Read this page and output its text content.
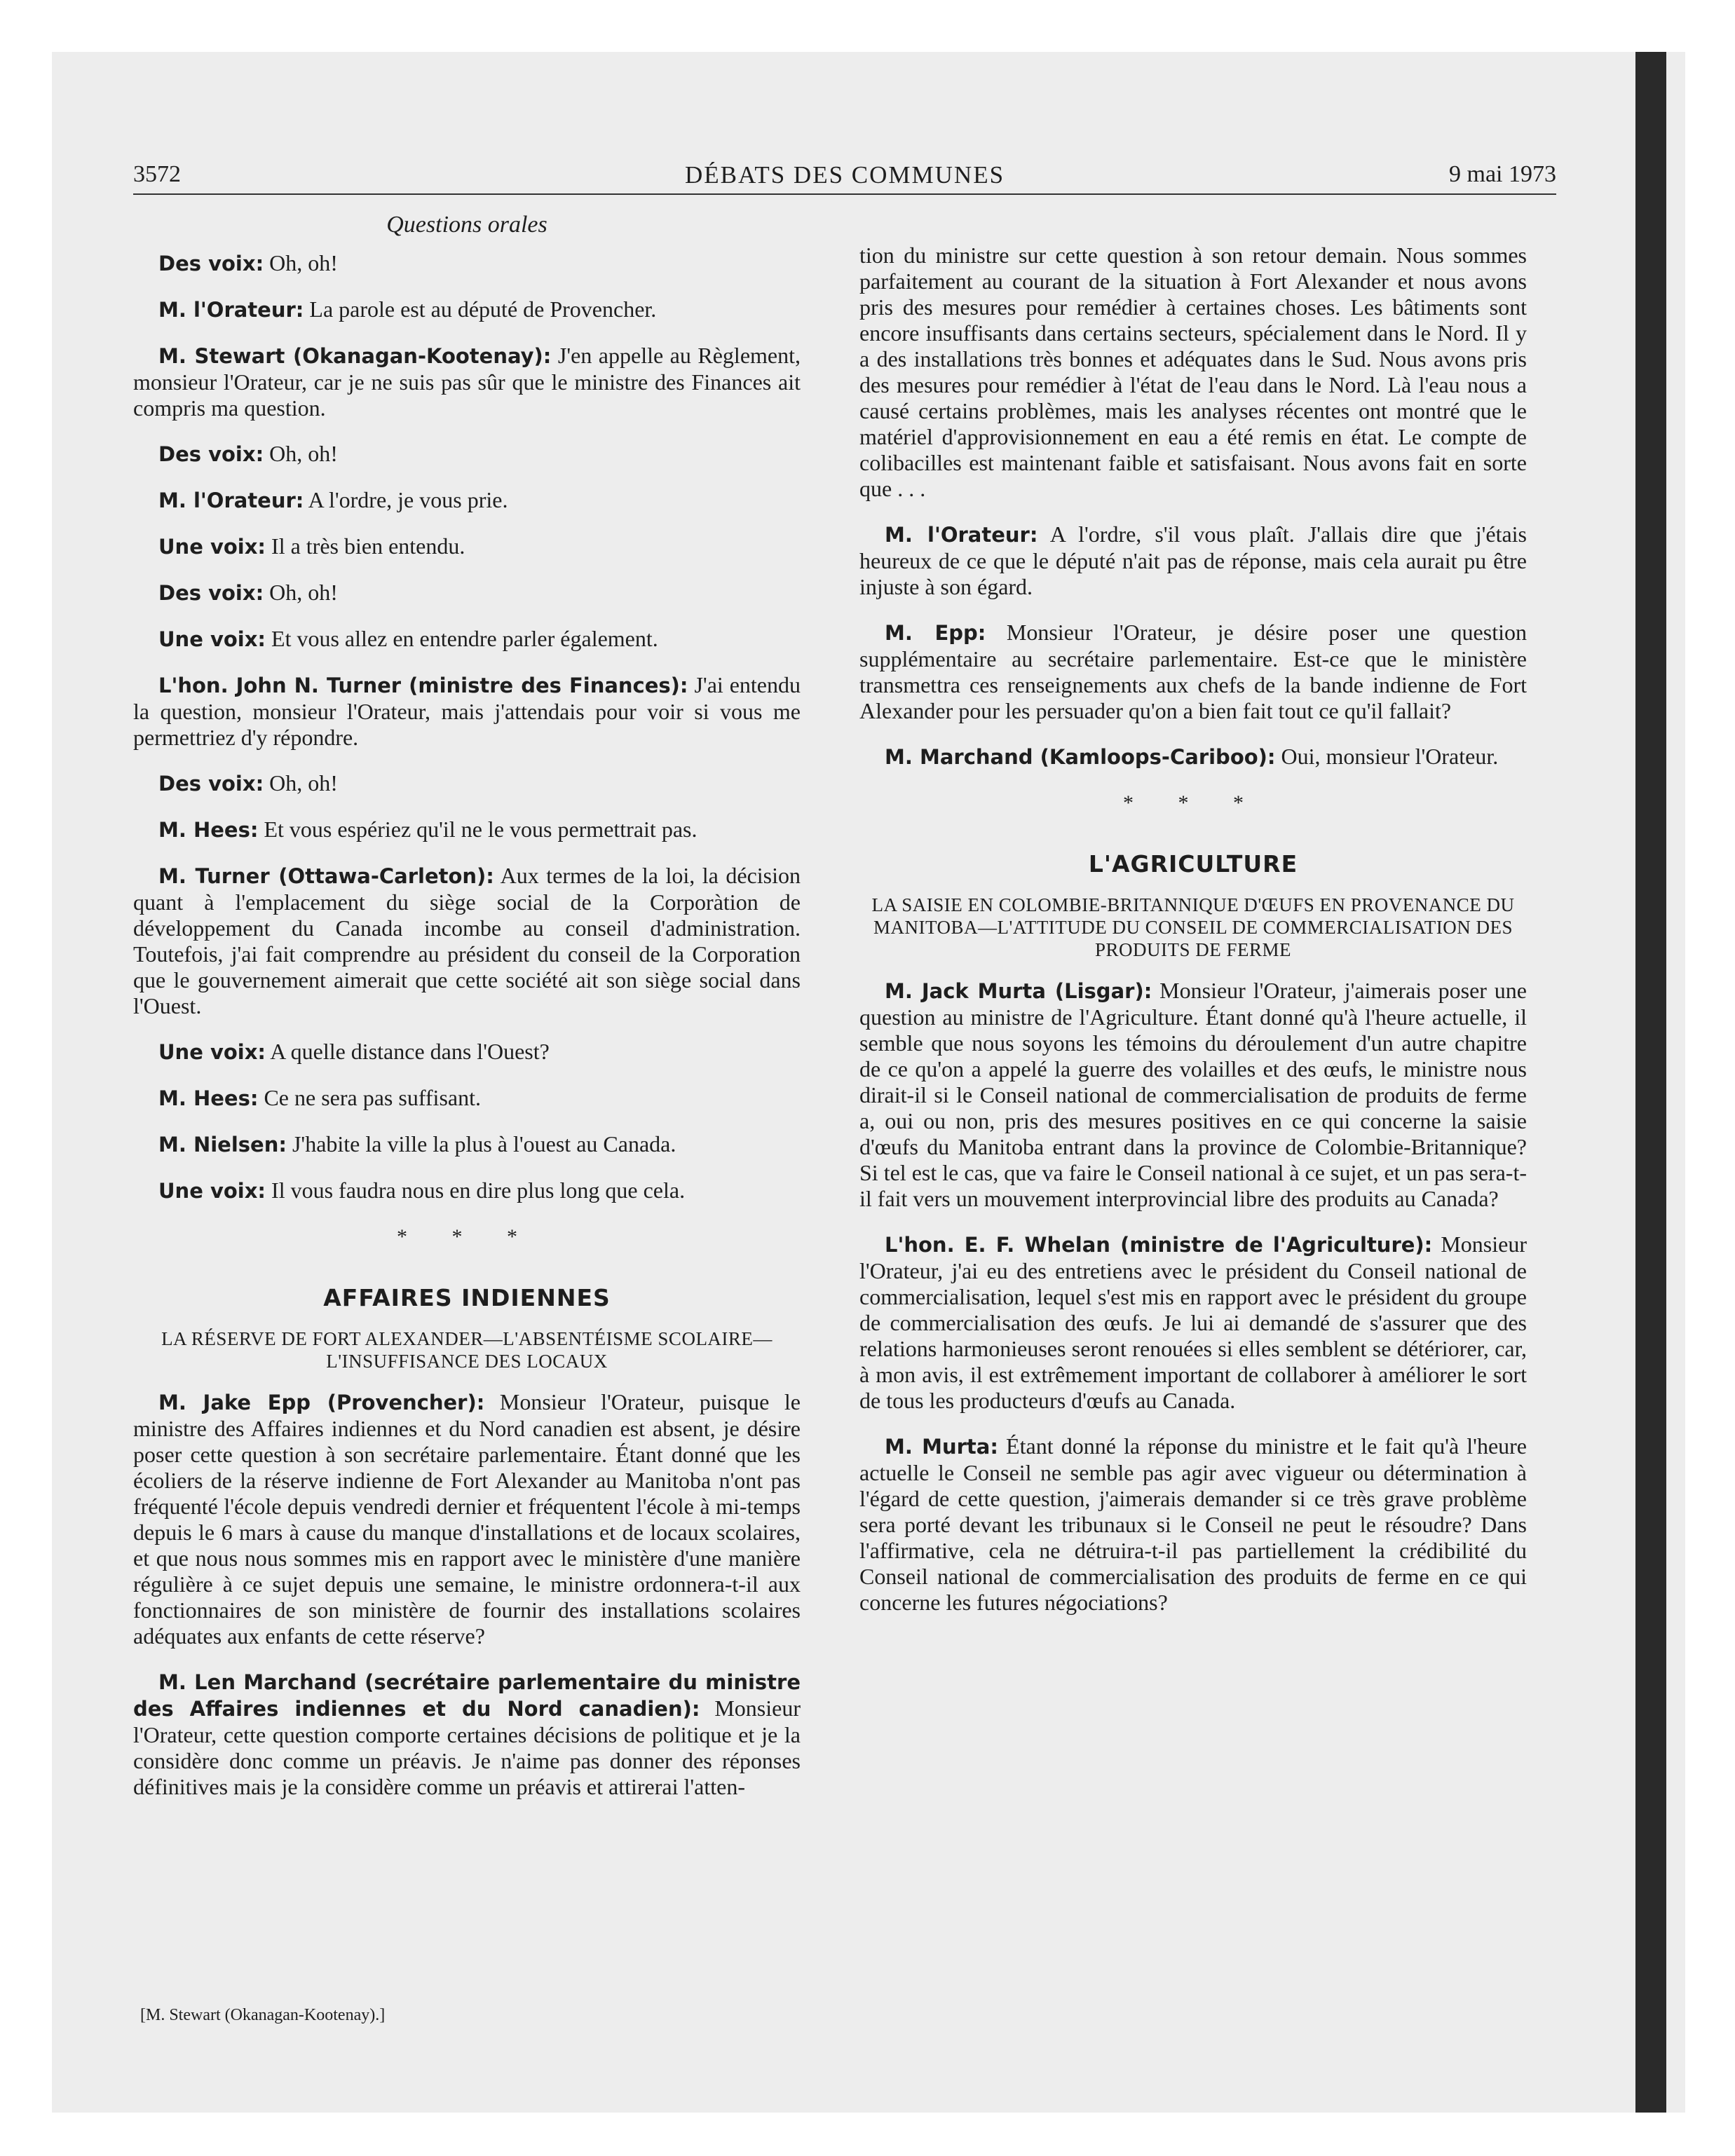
3572	DÉBATS DES COMMUNES	9 mai 1973
Questions orales

Des voix: Oh, oh!

M. l'Orateur: La parole est au député de Provencher.

M. Stewart (Okanagan-Kootenay): J'en appelle au Règlement, monsieur l'Orateur, car je ne suis pas sûr que le ministre des Finances ait compris ma question.

Des voix: Oh, oh!

M. l'Orateur: A l'ordre, je vous prie.

Une voix: Il a très bien entendu.

Des voix: Oh, oh!

Une voix: Et vous allez en entendre parler également.

L'hon. John N. Turner (ministre des Finances): J'ai entendu la question, monsieur l'Orateur, mais j'attendais pour voir si vous me permettriez d'y répondre.

Des voix: Oh, oh!

M. Hees: Et vous espériez qu'il ne le vous permettrait pas.

M. Turner (Ottawa-Carleton): Aux termes de la loi, la décision quant à l'emplacement du siège social de la Corporàtion de développement du Canada incombe au conseil d'administration. Toutefois, j'ai fait comprendre au président du conseil de la Corporation que le gouvernement aimerait que cette société ait son siège social dans l'Ouest.

Une voix: A quelle distance dans l'Ouest?

M. Hees: Ce ne sera pas suffisant.

M. Nielsen: J'habite la ville la plus à l'ouest au Canada.

Une voix: Il vous faudra nous en dire plus long que cela.

* * *
AFFAIRES INDIENNES
LA RÉSERVE DE FORT ALEXANDER—L'ABSENTÉISME SCOLAIRE—L'INSUFFISANCE DES LOCAUX

M. Jake Epp (Provencher): Monsieur l'Orateur, puisque le ministre des Affaires indiennes et du Nord canadien est absent, je désire poser cette question à son secrétaire parlementaire. Étant donné que les écoliers de la réserve indienne de Fort Alexander au Manitoba n'ont pas fréquenté l'école depuis vendredi dernier et fréquentent l'école à mi-temps depuis le 6 mars à cause du manque d'installations et de locaux scolaires, et que nous nous sommes mis en rapport avec le ministère d'une manière régulière à ce sujet depuis une semaine, le ministre ordonnera-t-il aux fonctionnaires de son ministère de fournir des installations scolaires adéquates aux enfants de cette réserve?

M. Len Marchand (secrétaire parlementaire du ministre des Affaires indiennes et du Nord canadien): Monsieur l'Orateur, cette question comporte certaines décisions de politique et je la considère donc comme un préavis. Je n'aime pas donner des réponses définitives mais je la considère comme un préavis et attirerai l'atten-

tion du ministre sur cette question à son retour demain. Nous sommes parfaitement au courant de la situation à Fort Alexander et nous avons pris des mesures pour remédier à certaines choses. Les bâtiments sont encore insuffisants dans certains secteurs, spécialement dans le Nord. Il y a des installations très bonnes et adéquates dans le Sud. Nous avons pris des mesures pour remédier à l'état de l'eau dans le Nord. Là l'eau nous a causé certains problèmes, mais les analyses récentes ont montré que le matériel d'approvisionnement en eau a été remis en état. Le compte de colibacilles est maintenant faible et satisfaisant. Nous avons fait en sorte que . . .

M. l'Orateur: A l'ordre, s'il vous plaît. J'allais dire que j'étais heureux de ce que le député n'ait pas de réponse, mais cela aurait pu être injuste à son égard.

M. Epp: Monsieur l'Orateur, je désire poser une question supplémentaire au secrétaire parlementaire. Est-ce que le ministère transmettra ces renseignements aux chefs de la bande indienne de Fort Alexander pour les persuader qu'on a bien fait tout ce qu'il fallait?

M. Marchand (Kamloops-Cariboo): Oui, monsieur l'Orateur.

* * *
L'AGRICULTURE
LA SAISIE EN COLOMBIE-BRITANNIQUE D'ŒUFS EN PROVENANCE DU MANITOBA—L'ATTITUDE DU CONSEIL DE COMMERCIALISATION DES PRODUITS DE FERME

M. Jack Murta (Lisgar): Monsieur l'Orateur, j'aimerais poser une question au ministre de l'Agriculture. Étant donné qu'à l'heure actuelle, il semble que nous soyons les témoins du déroulement d'un autre chapitre de ce qu'on a appelé la guerre des volailles et des œufs, le ministre nous dirait-il si le Conseil national de commercialisation de produits de ferme a, oui ou non, pris des mesures positives en ce qui concerne la saisie d'œufs du Manitoba entrant dans la province de Colombie-Britannique? Si tel est le cas, que va faire le Conseil national à ce sujet, et un pas sera-t-il fait vers un mouvement interprovincial libre des produits au Canada?

L'hon. E. F. Whelan (ministre de l'Agriculture): Monsieur l'Orateur, j'ai eu des entretiens avec le président du Conseil national de commercialisation, lequel s'est mis en rapport avec le président du groupe de commercialisation des œufs. Je lui ai demandé de s'assurer que des relations harmonieuses seront renouées si elles semblent se détériorer, car, à mon avis, il est extrêmement important de collaborer à améliorer le sort de tous les producteurs d'œufs au Canada.

M. Murta: Étant donné la réponse du ministre et le fait qu'à l'heure actuelle le Conseil ne semble pas agir avec vigueur ou détermination à l'égard de cette question, j'aimerais demander si ce très grave problème sera porté devant les tribunaux si le Conseil ne peut le résoudre? Dans l'affirmative, cela ne détruira-t-il pas partiellement la crédibilité du Conseil national de commercialisation des produits de ferme en ce qui concerne les futures négociations?

[M. Stewart (Okanagan-Kootenay).]
